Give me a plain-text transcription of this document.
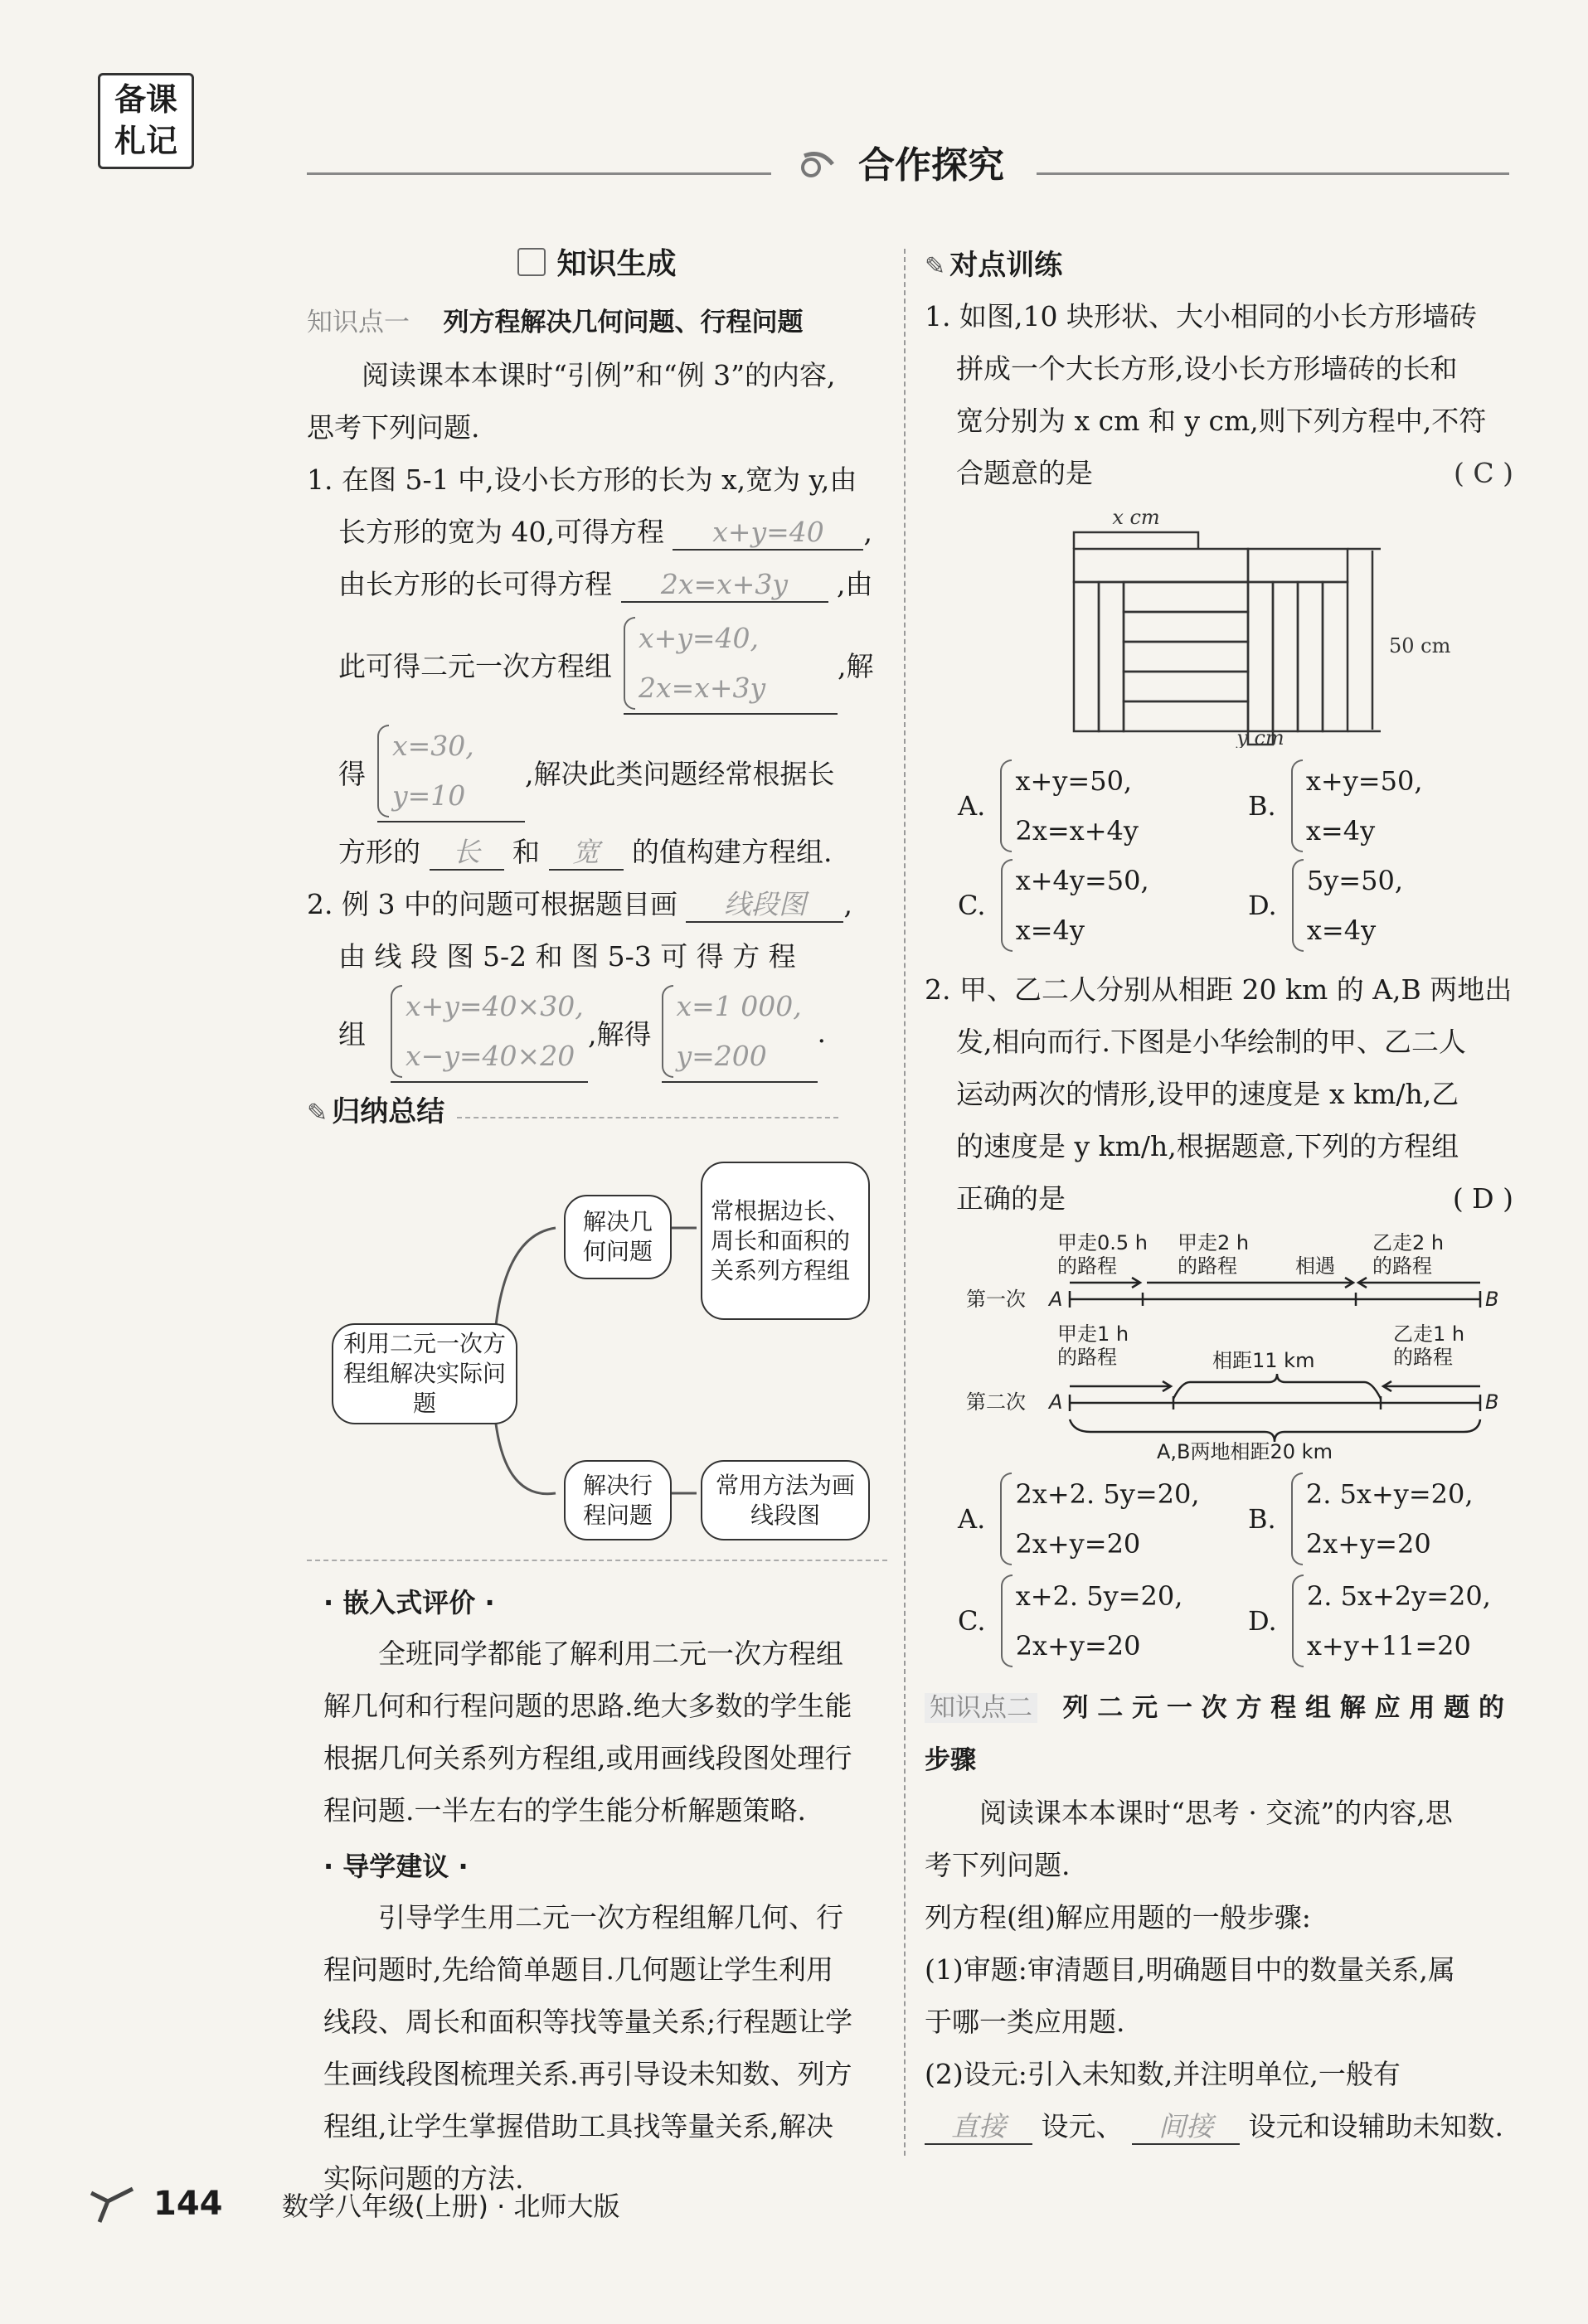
备课
札记
合作探究
知识生成
知识点一 列方程解决几何问题、行程问题
阅读课本本课时“引例”和“例 3”的内容,
思考下列问题.
1. 在图 5-1 中,设小长方形的长为 x,宽为 y,由
长方形的宽为 40,可得方程 x+y=40 ,
由长方形的长可得方程 2x=x+3y ,由
此可得二元一次方程组
x+y=40,
2x=x+3y
,解
得
x=30,
y=10
,解决此类问题经常根据长
方形的 长 和 宽 的值构建方程组.
2. 例 3 中的问题可根据题目画 线段图 ,
由 线 段 图 5-2 和 图 5-3 可 得 方 程
组
x+y=40×30,
x−y=40×20
,解得
x=1 000,
y=200
.
✎ 归纳总结
利用二元一次方程组解决实际问题
解决几何问题
常根据边长、周长和面积的关系列方程组
解决行程问题
常用方法为画线段图
· 嵌入式评价 ·
全班同学都能了解利用二元一次方程组
解几何和行程问题的思路.绝大多数的学生能
根据几何关系列方程组,或用画线段图处理行
程问题.一半左右的学生能分析解题策略.
· 导学建议 ·
引导学生用二元一次方程组解几何、行
程问题时,先给简单题目.几何题让学生利用
线段、周长和面积等找等量关系;行程题让学
生画线段图梳理关系.再引导设未知数、列方
程组,让学生掌握借助工具找等量关系,解决
实际问题的方法.
✎ 对点训练
1. 如图,10 块形状、大小相同的小长方形墙砖
拼成一个大长方形,设小长方形墙砖的长和
宽分别为 x cm 和 y cm,则下列方程中,不符
合题意的是	( C )
x cm
50 cm
y cm
A.
x+y=50,
2x=x+4y
B.
x+y=50,
x=4y
C.
x+4y=50,
x=4y
D.
5y=50,
x=4y
2. 甲、乙二人分别从相距 20 km 的 A,B 两地出
发,相向而行.下图是小华绘制的甲、乙二人
运动两次的情形,设甲的速度是 x km/h,乙
的速度是 y km/h,根据题意,下列的方程组
正确的是	( D )
甲走0.5 h
的路程
甲走2 h
的路程	相遇
乙走2 h
的路程
第一次 A	B
甲走1 h
的路程	相距11 km
乙走1 h
的路程
第二次 A	B
A,B两地相距20 km
A.
2x+2. 5y=20,
2x+y=20
B.
2. 5x+y=20,
2x+y=20
C.
x+2. 5y=20,
2x+y=20
D.
2. 5x+2y=20,
x+y+11=20
知识点二 列 二 元 一 次 方 程 组 解 应 用 题 的
步骤
阅读课本本课时“思考 · 交流”的内容,思
考下列问题.
列方程(组)解应用题的一般步骤:
(1)审题:审清题目,明确题目中的数量关系,属
于哪一类应用题.
(2)设元:引入未知数,并注明单位,一般有
直接 设元、 间接 设元和设辅助未知数.
144 数学八年级(上册) · 北师大版
